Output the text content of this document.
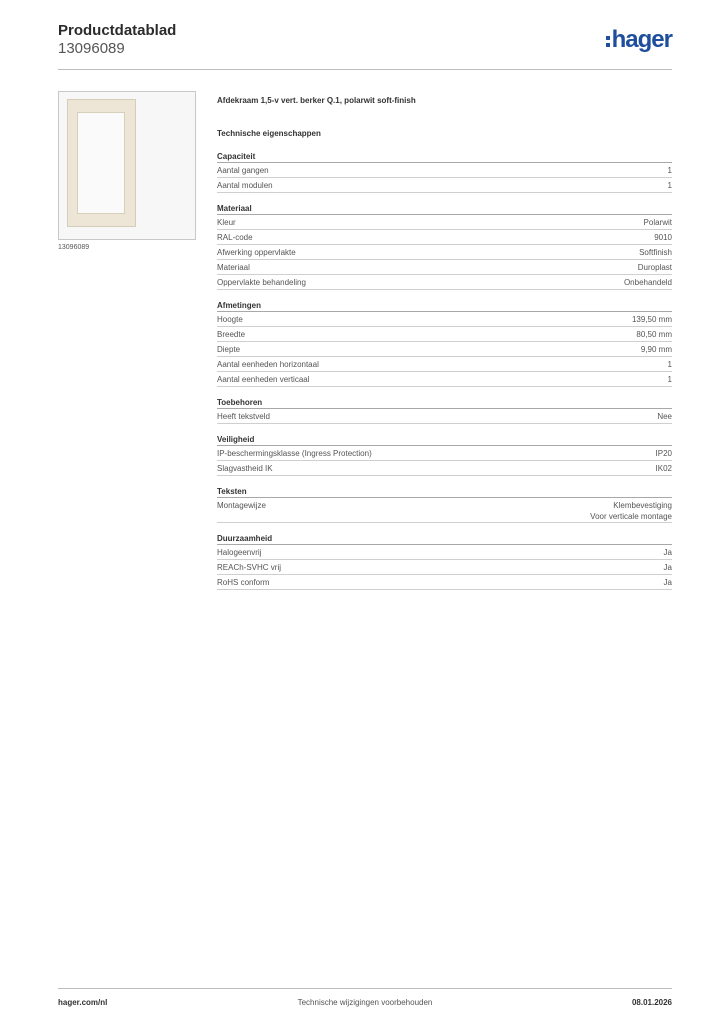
Productdatablad
13096089	hager
13096089
Afdekraam 1,5-v vert. berker Q.1, polarwit soft-finish
Technische eigenschappen
Capaciteit
Aantal gangen	1
Aantal modulen	1
Materiaal
Kleur	Polarwit
RAL-code	9010
Afwerking oppervlakte	Softfinish
Materiaal	Duroplast
Oppervlakte behandeling	Onbehandeld
Afmetingen
Hoogte	139,50 mm
Breedte	80,50 mm
Diepte	9,90 mm
Aantal eenheden horizontaal	1
Aantal eenheden verticaal	1
Toebehoren
Heeft tekstveld	Nee
Veiligheid
IP-beschermingsklasse (Ingress Protection)	IP20
Slagvastheid IK	IK02
Teksten
Montagewijze	Klembevestiging
Voor verticale montage
Duurzaamheid
Halogeenvrij	Ja
REACh-SVHC vrij	Ja
RoHS conform	Ja
hager.com/nl	Technische wijzigingen voorbehouden	08.01.2026
